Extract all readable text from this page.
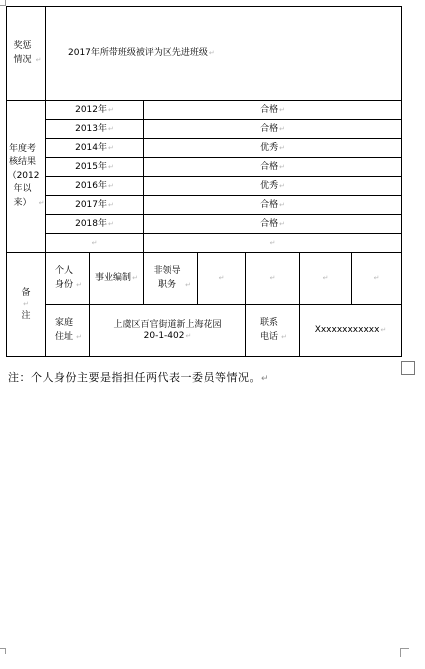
奖惩情况 ↵	2017年所带班级被评为区先进班级↵						
年度考核结果（2012年以来） ↵	2012年↵		合格↵				
	2013年↵		合格↵				
	2014年↵		优秀↵				
	2015年↵		合格↵				
	2016年↵		优秀↵				
	2017年↵		合格↵				
	2018年↵		合格↵				
	↵		↵				

备
↵
注	个人身份 ↵	事业编制↵	非领导职务 ↵	↵	↵	↵	↵
	家庭住址 ↵	上虞区百官街道新上海花园
20-1-402↵			联系电话 ↵	Xxxxxxxxxxxx↵	
注：个人身份主要是指担任两代表一委员等情况。↵
